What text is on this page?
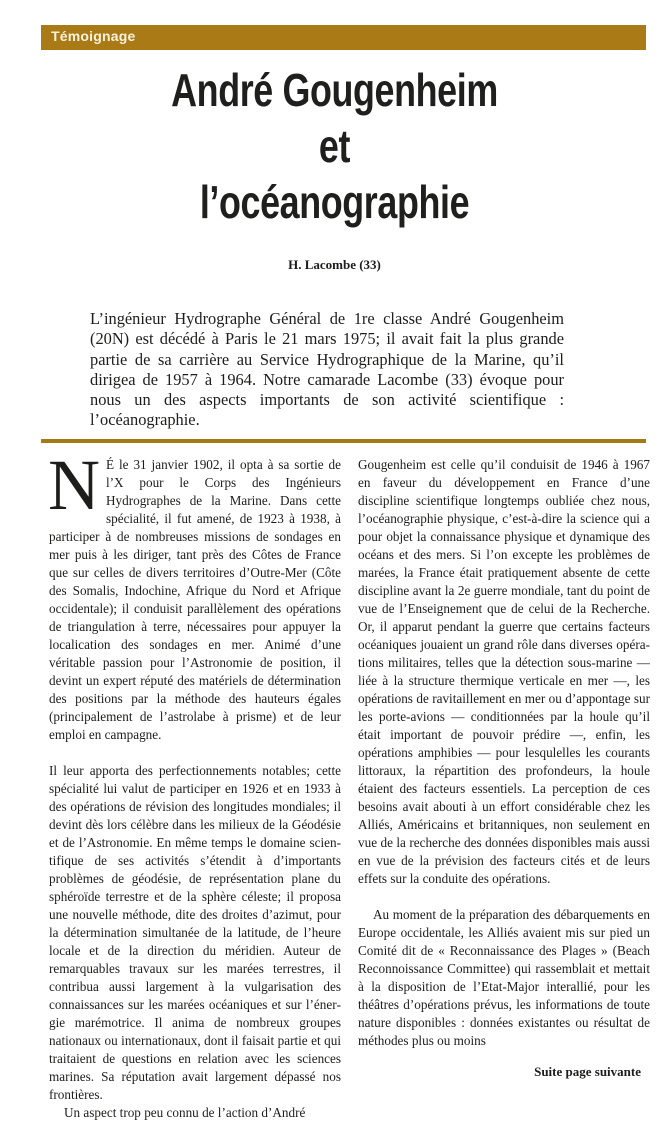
Témoignage
André Gougenheim
et
l’océanographie
H. Lacombe (33)
L’ingénieur Hydrographe Général de 1re classe André Gougenheim (20N) est décédé à Paris le 21 mars 1975; il avait fait la plus grande partie de sa carrière au Service Hydrographique de la Marine, qu’il dirigea de 1957 à 1964. Notre camarade Lacombe (33) évoque pour nous un des aspects importants de son activité scientifique : l’océanographie.

N É le 31 janvier 1902, il opta à sa sortie de l’X pour le Corps des Ingénieurs Hydrographes de la Marine. Dans cette spécialité, il fut amené, de 1923 à 1938, à participer à de nombreuses missions de sondages en mer puis à les diriger, tant près des Côtes de France que sur celles de divers territoires d’Outre-Mer (Côte des Somalis, Indochine, Afrique du Nord et Afrique occidentale); il conduisit parallèlement des opérations de triangulation à terre, nécessaires pour appuyer la localication des sondages en mer. Animé d’une véritable passion pour l’Astronomie de position, il devint un expert réputé des matériels de détermination des positions par la méthode des hauteurs égales (principalement de l’astrolabe à prisme) et de leur emploi en campagne.

Il leur apporta des perfectionnements notables; cette spécialité lui valut de participer en 1926 et en 1933 à des opérations de révision des longitudes mondiales; il devint dès lors célèbre dans les milieux de la Géodésie et de l’Astronomie. En même temps le domaine scientifique de ses activités s’étendit à d’importants problèmes de géodésie, de représentation plane du sphéroïde terrestre et de la sphère céleste; il proposa une nouvelle méthode, dite des droites d’azimut, pour la détermination simultanée de la latitude, de l’heure locale et de la direction du méridien. Auteur de remarquables travaux sur les marées terrestres, il contribua aussi largement à la vulgarisation des connaissances sur les marées océaniques et sur l’énergie marémotrice. Il anima de nombreux groupes nationaux ou internationaux, dont il faisait partie et qui traitaient de questions en relation avec les sciences marines. Sa réputation avait largement dépassé nos frontières.

Un aspect trop peu connu de l’action d’André

Gougenheim est celle qu’il conduisit de 1946 à 1967 en faveur du développement en France d’une discipline scientifique longtemps oubliée chez nous, l’océanographie physique, c’est-à-dire la science qui a pour objet la connaissance physique et dynamique des océans et des mers. Si l’on excepte les problèmes de marées, la France était pratiquement absente de cette discipline avant la 2e guerre mondiale, tant du point de vue de l’Enseignement que de celui de la Recherche. Or, il apparut pendant la guerre que certains facteurs océaniques jouaient un grand rôle dans diverses opérations militaires, telles que la détection sous-marine — liée à la structure thermique verticale en mer —, les opérations de ravitaillement en mer ou d’appontage sur les porte-avions — conditionnées par la houle qu’il était important de pouvoir prédire —, enfin, les opérations amphibies — pour lesqulelles les courants littoraux, la répartition des profondeurs, la houle étaient des facteurs essentiels. La perception de ces besoins avait abouti à un effort considérable chez les Alliés, Américains et britanniques, non seulement en vue de la recherche des données disponibles mais aussi en vue de la prévision des facteurs cités et de leurs effets sur la conduite des opérations.

Au moment de la préparation des débarquements en Europe occidentale, les Alliés avaient mis sur pied un Comité dit de « Reconnaissance des Plages » (Beach Reconnoissance Committee) qui rassemblait et mettait à la disposition de l’Etat-Major interallié, pour les théâtres d’opérations prévus, les informations de toute nature disponibles : données existantes ou résultat de méthodes plus ou moins

Suite page suivante
